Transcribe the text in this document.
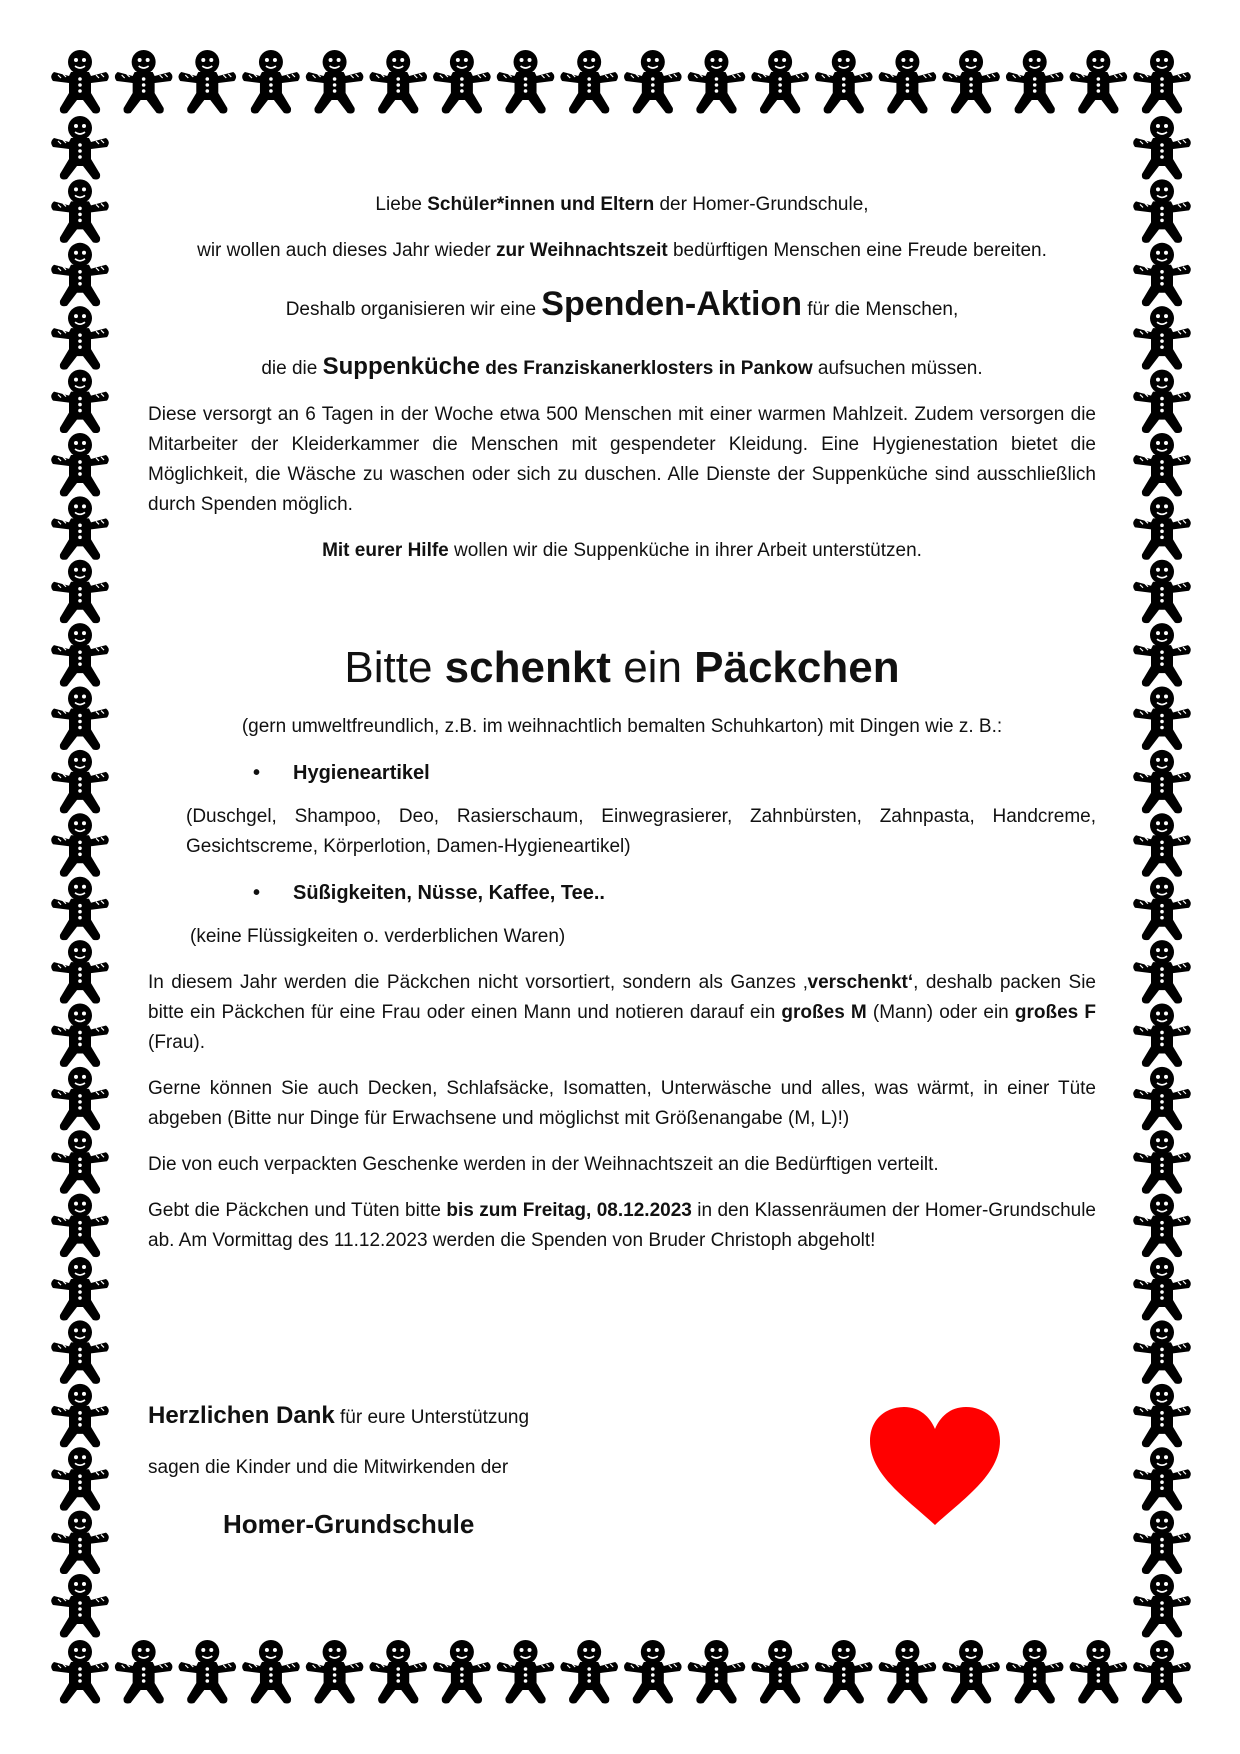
Liebe Schüler*innen und Eltern der Homer-Grundschule,

wir wollen auch dieses Jahr wieder zur Weihnachtszeit bedürftigen Menschen eine Freude bereiten.

Deshalb organisieren wir eine Spenden-Aktion für die Menschen,

die die Suppenküche des Franziskanerklosters in Pankow aufsuchen müssen.

Diese versorgt an 6 Tagen in der Woche etwa 500 Menschen mit einer warmen Mahlzeit. Zudem versorgen die Mitarbeiter der Kleiderkammer die Menschen mit gespendeter Kleidung. Eine Hygienestation bietet die Möglichkeit, die Wäsche zu waschen oder sich zu duschen. Alle Dienste der Suppenküche sind ausschließlich durch Spenden möglich.

Mit eurer Hilfe wollen wir die Suppenküche in ihrer Arbeit unterstützen.

Bitte schenkt ein Päckchen

(gern umweltfreundlich, z.B. im weihnachtlich bemalten Schuhkarton) mit Dingen wie z. B.:

• Hygieneartikel

(Duschgel, Shampoo, Deo, Rasierschaum, Einwegrasierer, Zahnbürsten, Zahnpasta, Handcreme, Gesichtscreme, Körperlotion, Damen-Hygieneartikel)

• Süßigkeiten, Nüsse, Kaffee, Tee..

(keine Flüssigkeiten o. verderblichen Waren)

In diesem Jahr werden die Päckchen nicht vorsortiert, sondern als Ganzes ‚verschenkt‘, deshalb packen Sie bitte ein Päckchen für eine Frau oder einen Mann und notieren darauf ein großes M (Mann) oder ein großes F (Frau).

Gerne können Sie auch Decken, Schlafsäcke, Isomatten, Unterwäsche und alles, was wärmt, in einer Tüte abgeben (Bitte nur Dinge für Erwachsene und möglichst mit Größenangabe (M, L)!)

Die von euch verpackten Geschenke werden in der Weihnachtszeit an die Bedürftigen verteilt.

Gebt die Päckchen und Tüten bitte bis zum Freitag, 08.12.2023 in den Klassenräumen der Homer-Grundschule ab. Am Vormittag des 11.12.2023 werden die Spenden von Bruder Christoph abgeholt!

Herzlichen Dank für eure Unterstützung

sagen die Kinder und die Mitwirkenden der

Homer-Grundschule
